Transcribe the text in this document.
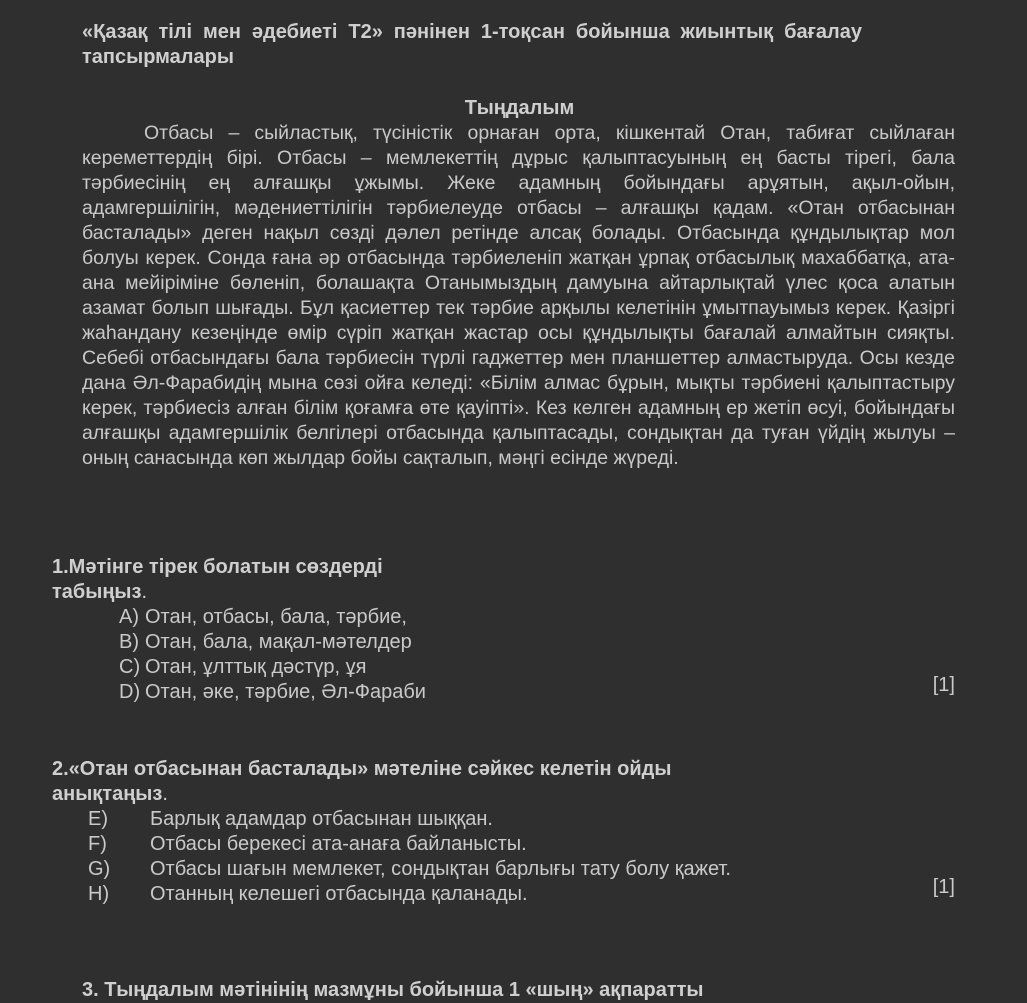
«Қазақ тілі мен әдебиеті Т2» пәнінен 1-тоқсан бойынша жиынтық бағалау тапсырмалары
Тыңдалым

Отбасы – сыйластық, түсіністік орнаған орта, кішкентай Отан, табиғат сыйлаған кереметтердің бірі. Отбасы – мемлекеттің дұрыс қалыптасуының ең басты тірегі, бала тәрбиесінің ең алғашқы ұжымы. Жеке адамның бойындағы арұятын, ақыл-ойын, адамгершілігін, мәдениеттілігін тәрбиелеуде отбасы – алғашқы қадам. «Отан отбасынан басталады» деген нақыл сөзді дәлел ретінде алсақ болады. Отбасында құндылықтар мол болуы керек. Сонда ғана әр отбасында тәрбиеленіп жатқан ұрпақ отбасылық махаббатқа, ата- ана мейіріміне бөленіп, болашақта Отанымыздың дамуына айтарлықтай үлес қоса алатын азамат болып шығады. Бұл қасиеттер тек тәрбие арқылы келетінін ұмытпауымыз керек. Қазіргі жаһандану кезеңінде өмір сүріп жатқан жастар осы құндылықты бағалай алмайтын сияқты. Себебі отбасындағы бала тәрбиесін түрлі гаджеттер мен планшеттер алмастыруда. Осы кезде дана Әл-Фарабидің мына сөзі ойға келеді: «Білім алмас бұрын, мықты тәрбиені қалыптастыру керек, тәрбиесіз алған білім қоғамға өте қауіпті». Кез келген адамның ер жетіп өсуі, бойындағы алғашқы адамгершілік белгілері отбасында қалыптасады, сондықтан да туған үйдің жылуы – оның санасында көп жылдар бойы сақталып, мәңгі есінде жүреді.

1.Мәтінге тірек болатын сөздерді табыңыз.
A) Отан, отбасы, бала, тәрбие,
B) Отан, бала, мақал-мәтелдер
C) Отан, ұлттық дәстүр, ұя
D) Отан, әке, тәрбие, Әл-Фараби	[1]
2.«Отан отбасынан басталады» мәтеліне сәйкес келетін ойды анықтаңыз.
E) Барлық адамдар отбасынан шыққан.
F) Отбасы берекесі ата-анаға байланысты.
G) Отбасы шағын мемлекет, сондықтан барлығы тату болу қажет.
H) Отанның келешегі отбасында қаланады.	[1]
3. Тыңдалым мәтінінің мазмұны бойынша 1 «шың» ақпаратты
